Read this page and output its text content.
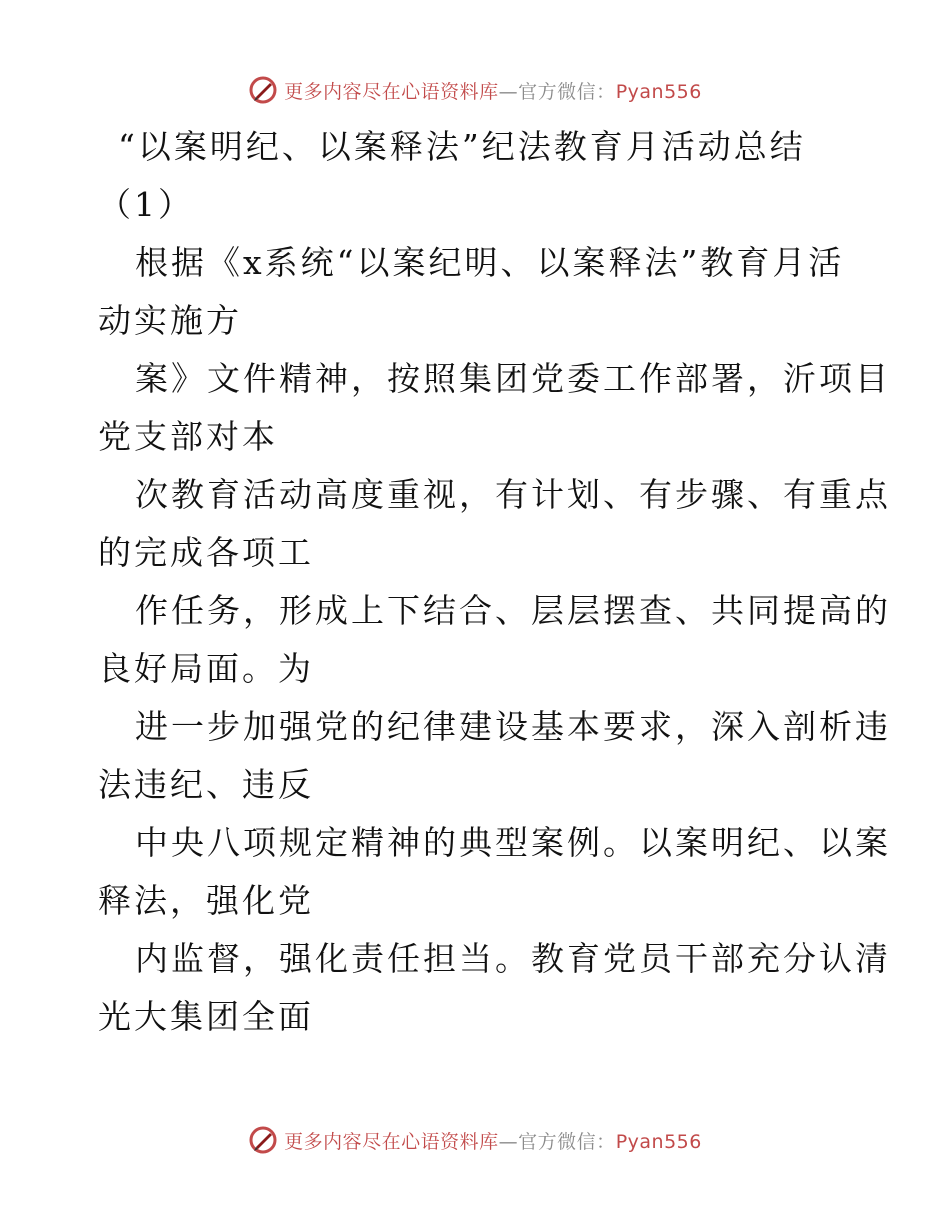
更多内容尽在心语资料库—官方微信：Pyan556
“以案明纪、以案释法”纪法教育月活动总结
（1）
根据《x系统“以案纪明、以案释法”教育月活
动实施方
案》文件精神，按照集团党委工作部署，沂项目
党支部对本
次教育活动高度重视，有计划、有步骤、有重点
的完成各项工
作任务，形成上下结合、层层摆查、共同提高的
良好局面。为
进一步加强党的纪律建设基本要求，深入剖析违
法违纪、违反
中央八项规定精神的典型案例。以案明纪、以案
释法，强化党
内监督，强化责任担当。教育党员干部充分认清
光大集团全面
更多内容尽在心语资料库—官方微信：Pyan556
